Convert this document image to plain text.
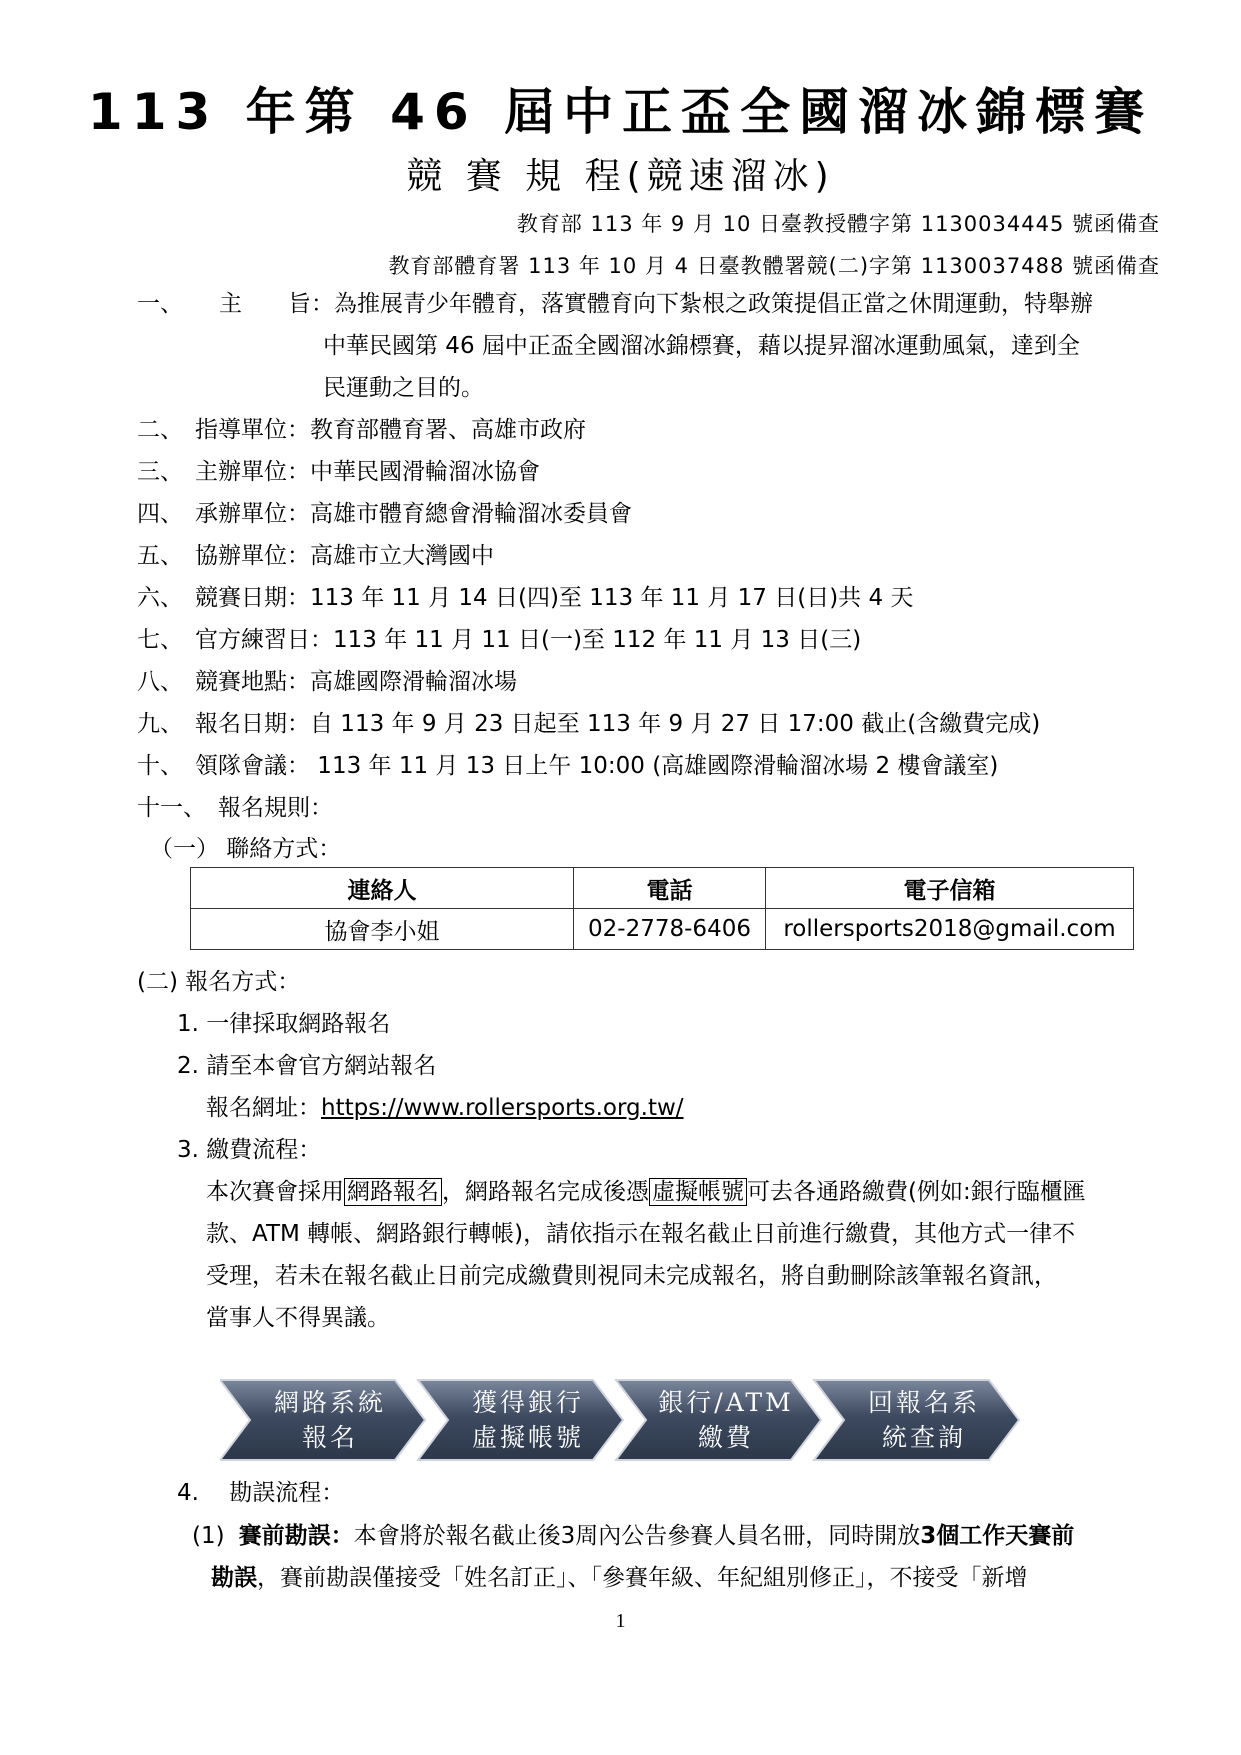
113 年第 46 屆中正盃全國溜冰錦標賽
競 賽 規 程(競速溜冰)
教育部 113 年 9 月 10 日臺教授體字第 1130034445 號函備查
教育部體育署 113 年 10 月 4 日臺教體署競(二)字第 1130037488 號函備查
一、 主　　旨：為推展青少年體育，落實體育向下紮根之政策提倡正當之休閒運動，特舉辦
中華民國第 46 屆中正盃全國溜冰錦標賽，藉以提昇溜冰運動風氣，達到全
民運動之目的。
二、 指導單位：教育部體育署、高雄市政府
三、 主辦單位：中華民國滑輪溜冰協會
四、 承辦單位：高雄市體育總會滑輪溜冰委員會
五、 協辦單位：高雄市立大灣國中
六、 競賽日期：113 年 11 月 14 日(四)至 113 年 11 月 17 日(日)共 4 天
七、 官方練習日：113 年 11 月 11 日(一)至 112 年 11 月 13 日(三)
八、 競賽地點：高雄國際滑輪溜冰場
九、 報名日期：自 113 年 9 月 23 日起至 113 年 9 月 27 日 17:00 截止(含繳費完成)
十、 領隊會議： 113 年 11 月 13 日上午 10:00 (高雄國際滑輪溜冰場 2 樓會議室)
十一、 報名規則：
（一） 聯絡方式：
連絡人	電話	電子信箱
協會李小姐	02-2778-6406	rollersports2018@gmail.com
(二) 報名方式：
1. 一律採取網路報名
2. 請至本會官方網站報名
報名網址：https://www.rollersports.org.tw/
3. 繳費流程：
本次賽會採用 網路報名 ，網路報名完成後憑 虛擬帳號 可去各通路繳費(例如:銀行臨櫃匯
款、ATM 轉帳、網路銀行轉帳)，請依指示在報名截止日前進行繳費，其他方式一律不
受理，若未在報名截止日前完成繳費則視同未完成報名，將自動刪除該筆報名資訊，
當事人不得異議。
網路系統
報名
獲得銀行
虛擬帳號
銀行/ATM
繳費
回報名系
統查詢
4.　 勘誤流程：
(1) 賽前勘誤：本會將於報名截止後3周內公告參賽人員名冊，同時開放3個工作天賽前
勘誤，賽前勘誤僅接受「姓名訂正」、「參賽年級、年紀組別修正」，不接受「新增
1
